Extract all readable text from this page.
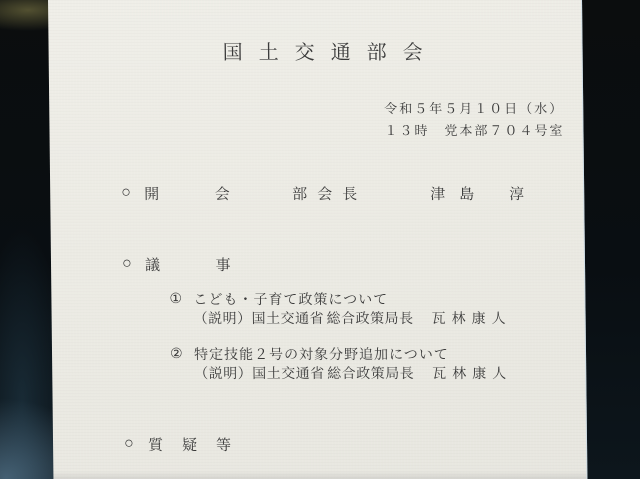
国土交通部会
令和５年５月１０日（水）
１３時　党本部７０４号室
○ 開　　会	部会長	津島 淳
○ 議　　事
① こども・子育て政策について
（説明）国土交通省 総合政策局長 瓦林康人
② 特定技能２号の対象分野追加について
（説明）国土交通省 総合政策局長 瓦林康人
○ 質　疑　等
